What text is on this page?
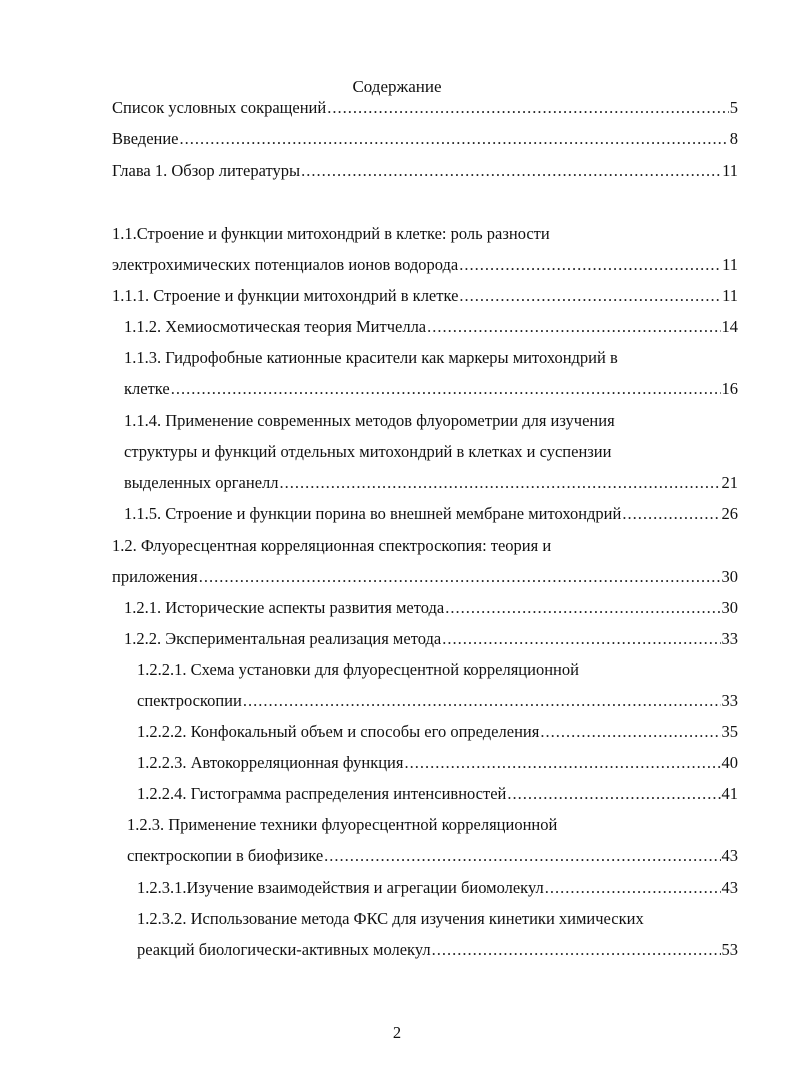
Содержание
Список условных сокращений .....	5
Введение .....	8
Глава 1. Обзор литературы .....	11
1.1.Строение и функции митохондрий в клетке: роль разности
электрохимических потенциалов ионов водорода .....	11
1.1.1. Строение и функции митохондрий в клетке .....	11
1.1.2. Хемиосмотическая теория Митчелла .....	14
1.1.3. Гидрофобные катионные красители как маркеры митохондрий в
клетке .....	16
1.1.4. Применение современных методов флуорометрии для изучения
структуры и функций отдельных митохондрий в клетках и суспензии
выделенных органелл .....	21
1.1.5. Строение и функции порина во внешней мембране митохондрий .....	26
1.2. Флуоресцентная корреляционная спектроскопия: теория и
приложения .....	30
1.2.1. Исторические аспекты развития метода .....	30
1.2.2. Экспериментальная реализация метода .....	33
1.2.2.1. Схема установки для флуоресцентной корреляционной
спектроскопии .....	33
1.2.2.2. Конфокальный объем и способы его определения .....	35
1.2.2.3. Автокорреляционная функция .....	40
1.2.2.4. Гистограмма распределения интенсивностей .....	41
1.2.3. Применение техники флуоресцентной корреляционной
спектроскопии в биофизике .....	43
1.2.3.1.Изучение взаимодействия и агрегации биомолекул .....	43
1.2.3.2. Использование метода ФКС для изучения кинетики химических
реакций биологически-активных молекул .....	53
2
